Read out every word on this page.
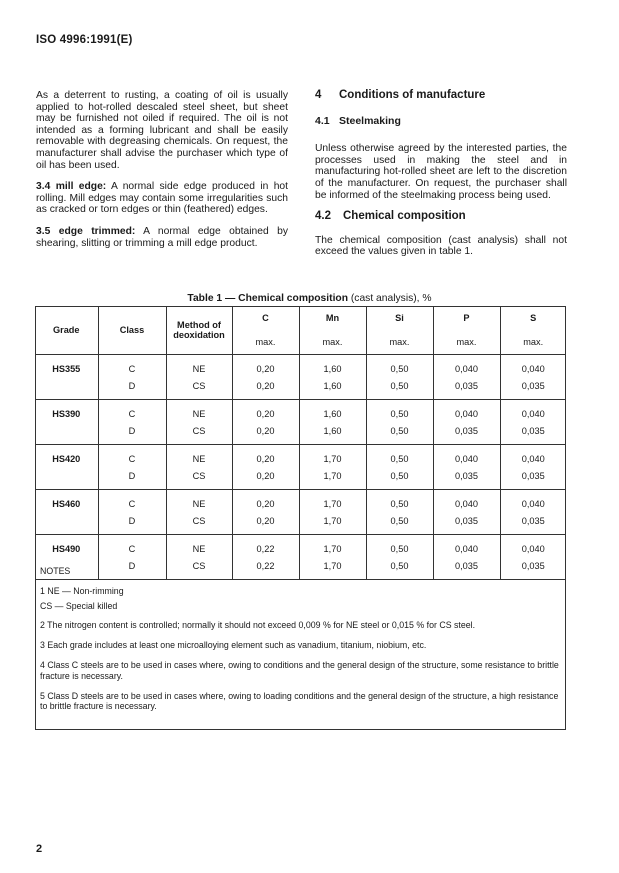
ISO 4996:1991(E)

As a deterrent to rusting, a coating of oil is usually applied to hot-rolled descaled steel sheet, but sheet may be furnished not oiled if required. The oil is not intended as a forming lubricant and shall be easily removable with degreasing chemicals. On request, the manufacturer shall advise the purchaser which type of oil has been used.

3.4 mill edge: A normal side edge produced in hot rolling. Mill edges may contain some irregularities such as cracked or torn edges or thin (feathered) edges.

3.5 edge trimmed: A normal edge obtained by shearing, slitting or trimming a mill edge product.

4 Conditions of manufacture
4.1 Steelmaking

Unless otherwise agreed by the interested parties, the processes used in making the steel and in manufacturing hot-rolled sheet are left to the discretion of the manufacturer. On request, the purchaser shall be informed of the steelmaking process being used.

4.2 Chemical composition

The chemical composition (cast analysis) shall not exceed the values given in table 1.

Table 1 — Chemical composition (cast analysis), %
Grade	Class	Method of deoxidation	C	Mn	Si	P	S
			max.	max.	max.	max.	max.

HS355	C	NE	0,20	1,60	0,50	0,040	0,040
	D	CS	0,20	1,60	0,50	0,035	0,035

HS390	C	NE	0,20	1,60	0,50	0,040	0,040
	D	CS	0,20	1,60	0,50	0,035	0,035

HS420	C	NE	0,20	1,70	0,50	0,040	0,040
	D	CS	0,20	1,70	0,50	0,035	0,035

HS460	C	NE	0,20	1,70	0,50	0,040	0,040
	D	CS	0,20	1,70	0,50	0,035	0,035

HS490	C	NE	0,22	1,70	0,50	0,040	0,040
	D	CS	0,22	1,70	0,50	0,035	0,035

NOTES

1 NE — Non-rimming

CS — Special killed

2 The nitrogen content is controlled; normally it should not exceed 0,009 % for NE steel or 0,015 % for CS steel.

3 Each grade includes at least one microalloying element such as vanadium, titanium, niobium, etc.

4 Class C steels are to be used in cases where, owing to conditions and the general design of the structure, some resistance to brittle fracture is necessary.

5 Class D steels are to be used in cases where, owing to loading conditions and the general design of the structure, a high resistance to brittle fracture is necessary.

2
